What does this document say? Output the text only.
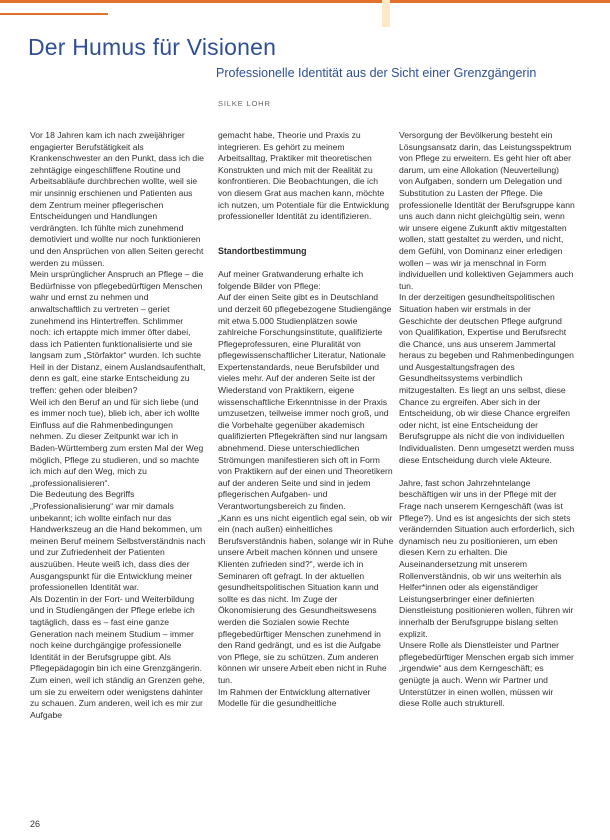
Der Humus für Visionen
Professionelle Identität aus der Sicht einer Grenzgängerin
SILKE LOHR

Vor 18 Jahren kam ich nach zweijähriger engagierter Berufstätigkeit als Krankenschwester an den Punkt, dass ich die zehntägige eingeschliffene Routine und Arbeitsabläufe durchbrechen wollte, weil sie mir unsinnig erschienen und Patienten aus dem Zentrum meiner pflegerischen Entscheidungen und Handlungen verdrängten. Ich fühlte mich zunehmend demotiviert und wollte nur noch funktionieren und den Ansprüchen von allen Seiten gerecht werden zu müssen.

Mein ursprünglicher Anspruch an Pflege – die Bedürfnisse von pflegebedürftigen Menschen wahr und ernst zu nehmen und anwaltschaftlich zu vertreten – geriet zunehmend ins Hintertreffen. Schlimmer noch: ich ertappte mich immer öfter dabei, dass ich Patienten funktionalisierte und sie langsam zum „Störfaktor“ wurden. Ich suchte Heil in der Distanz, einem Auslandsaufenthalt, denn es galt, eine starke Entscheidung zu treffen: gehen oder bleiben?

Weil ich den Beruf an und für sich liebe (und es immer noch tue), blieb ich, aber ich wollte Einfluss auf die Rahmenbedingungen nehmen. Zu dieser Zeitpunkt war ich in Baden-Württemberg zum ersten Mal der Weg möglich, Pflege zu studieren, und so machte ich mich auf den Weg, mich zu „professionalisieren“.

Die Bedeutung des Begriffs „Professionalisierung“ war mir damals unbekannt; ich wollte einfach nur das Handwerkszeug an die Hand bekommen, um meinen Beruf meinem Selbstverständnis nach und zur Zufriedenheit der Patienten auszuüben. Heute weiß ich, dass dies der Ausgangspunkt für die Entwicklung meiner professionellen Identität war.

Als Dozentin in der Fort- und Weiterbildung und in Studiengängen der Pflege erlebe ich tagtäglich, dass es – fast eine ganze Generation nach meinem Studium – immer noch keine durchgängige professionelle Identität in der Berufsgruppe gibt. Als Pflegepädagogin bin ich eine Grenzgängerin. Zum einen, weil ich ständig an Grenzen gehe, um sie zu erweitern oder wenigstens dahinter zu schauen. Zum anderen, weil ich es mir zur Aufgabe

gemacht habe, Theorie und Praxis zu integrieren. Es gehört zu meinem Arbeitsalltag, Praktiker mit theoretischen Konstrukten und mich mit der Realität zu konfrontieren. Die Beobachtungen, die ich von diesem Grat aus machen kann, möchte ich nutzen, um Potentiale für die Entwicklung professioneller Identität zu identifizieren.

Standortbestimmung

Auf meiner Gratwanderung erhalte ich folgende Bilder von Pflege:

Auf der einen Seite gibt es in Deutschland und derzeit 60 pflegebezogene Studiengänge mit etwa 5.000 Studienplätzen sowie zahlreiche Forschungsinstitute, qualifizierte Pflegeprofessuren, eine Pluralität von pflegewissenschaftlicher Literatur, Nationale Expertenstandards, neue Berufsbilder und vieles mehr. Auf der anderen Seite ist der Wiederstand von Praktikern, eigene wissenschaftliche Erkenntnisse in der Praxis umzusetzen, teilweise immer noch groß, und die Vorbehalte gegenüber akademisch qualifizierten Pflegekräften sind nur langsam abnehmend. Diese unterschiedlichen Strömungen manifestieren sich oft in Form von Praktikern auf der einen und Theoretikern auf der anderen Seite und sind in jedem pflegerischen Aufgaben- und Verantwortungsbereich zu finden.

„Kann es uns nicht eigentlich egal sein, ob wir ein (nach außen) einheitliches Berufsverständnis haben, solange wir in Ruhe unsere Arbeit machen können und unsere Klienten zufrieden sind?“, werde ich in Seminaren oft gefragt. In der aktuellen gesundheitspolitischen Situation kann und sollte es das nicht. Im Zuge der Ökonomisierung des Gesundheitswesens werden die Sozialen sowie Rechte pflegebedürftiger Menschen zunehmend in den Rand gedrängt, und es ist die Aufgabe von Pflege, sie zu schützen. Zum anderen können wir unsere Arbeit eben nicht in Ruhe tun.

Im Rahmen der Entwicklung alternativer Modelle für die gesundheitliche

Versorgung der Bevölkerung besteht ein Lösungsansatz darin, das Leistungsspektrum von Pflege zu erweitern. Es geht hier oft aber darum, um eine Allokation (Neuverteilung) von Aufgaben, sondern um Delegation und Substitution zu Lasten der Pflege. Die professionelle Identität der Berufsgruppe kann uns auch dann nicht gleichgültig sein, wenn wir unsere eigene Zukunft aktiv mitgestalten wollen, statt gestaltet zu werden, und nicht, dem Gefühl, von Dominanz einer erledigen wollen – was wir ja menschnal in Form individuellen und kollektiven Gejammers auch tun.

In der derzeitigen gesundheitspolitischen Situation haben wir erstmals in der Geschichte der deutschen Pflege aufgrund von Qualifikation, Expertise und Berufsrecht die Chance, uns aus unserem Jammertal heraus zu begeben und Rahmenbedingungen und Ausgestaltungsfragen des Gesundheitssystems verbindlich mitzugestalten. Es liegt an uns selbst, diese Chance zu ergreifen. Aber sich in der Entscheidung, ob wir diese Chance ergreifen oder nicht, ist eine Entscheidung der Berufsgruppe als nicht die von individuellen Individualisten. Denn umgesetzt werden muss diese Entscheidung durch viele Akteure.

Jahre, fast schon Jahrzehntelange beschäftigen wir uns in der Pflege mit der Frage nach unserem Kerngeschäft (was ist Pflege?). Und es ist angesichts der sich stets verändernden Situation auch erforderlich, sich dynamisch neu zu positionieren, um eben diesen Kern zu erhalten. Die Auseinandersetzung mit unserem Rollenverständnis, ob wir uns weiterhin als Helfer*innen oder als eigenständiger Leistungserbringer einer definierten Dienstleistung positionieren wollen, führen wir innerhalb der Berufsgruppe bislang selten explizit.

Unsere Rolle als Dienstleister und Partner pflegebedürftiger Menschen ergab sich immer „irgendwie“ aus dem Kerngeschäft; es genügte ja auch. Wenn wir Partner und Unterstützer in einen wollen, müssen wir diese Rolle auch strukturell.

26
